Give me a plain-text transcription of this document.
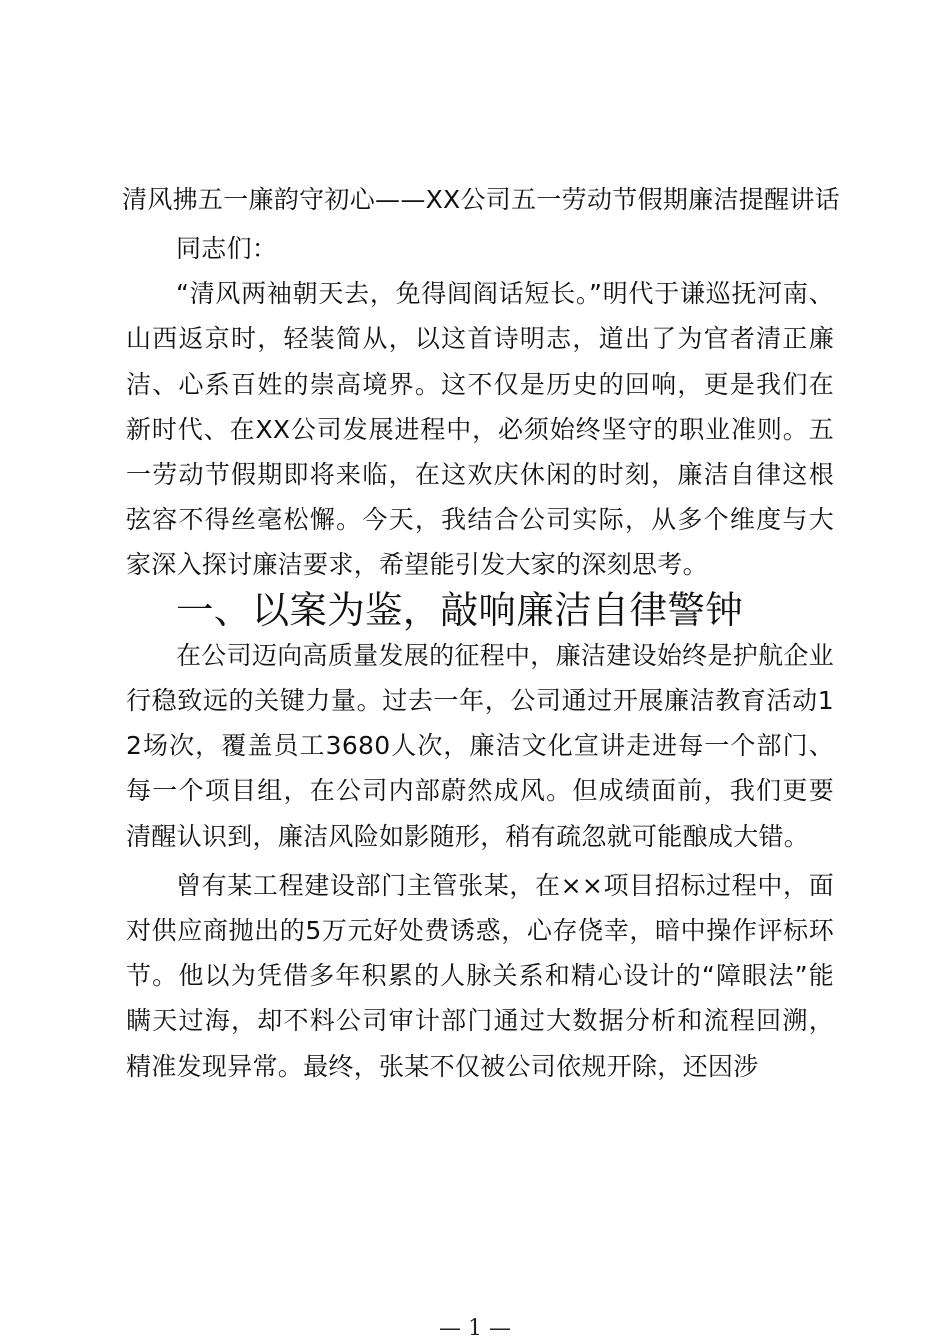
清风拂五一廉韵守初心——XX公司五一劳动节假期廉洁提醒讲话

同志们：

“清风两袖朝天去，免得闾阎话短长。”明代于谦巡抚河南、山西返京时，轻装简从，以这首诗明志，道出了为官者清正廉洁、心系百姓的崇高境界。这不仅是历史的回响，更是我们在新时代、在XX公司发展进程中，必须始终坚守的职业准则。五一劳动节假期即将来临，在这欢庆休闲的时刻，廉洁自律这根弦容不得丝毫松懈。今天，我结合公司实际，从多个维度与大家深入探讨廉洁要求，希望能引发大家的深刻思考。

一、以案为鉴，敲响廉洁自律警钟

在公司迈向高质量发展的征程中，廉洁建设始终是护航企业行稳致远的关键力量。过去一年，公司通过开展廉洁教育活动12场次，覆盖员工3680人次，廉洁文化宣讲走进每一个部门、每一个项目组，在公司内部蔚然成风。但成绩面前，我们更要清醒认识到，廉洁风险如影随形，稍有疏忽就可能酿成大错。

曾有某工程建设部门主管张某，在××项目招标过程中，面对供应商抛出的5万元好处费诱惑，心存侥幸，暗中操作评标环节。他以为凭借多年积累的人脉关系和精心设计的“障眼法”能瞒天过海，却不料公司审计部门通过大数据分析和流程回溯，精准发现异常。最终，张某不仅被公司依规开除，还因涉

— 1 —
